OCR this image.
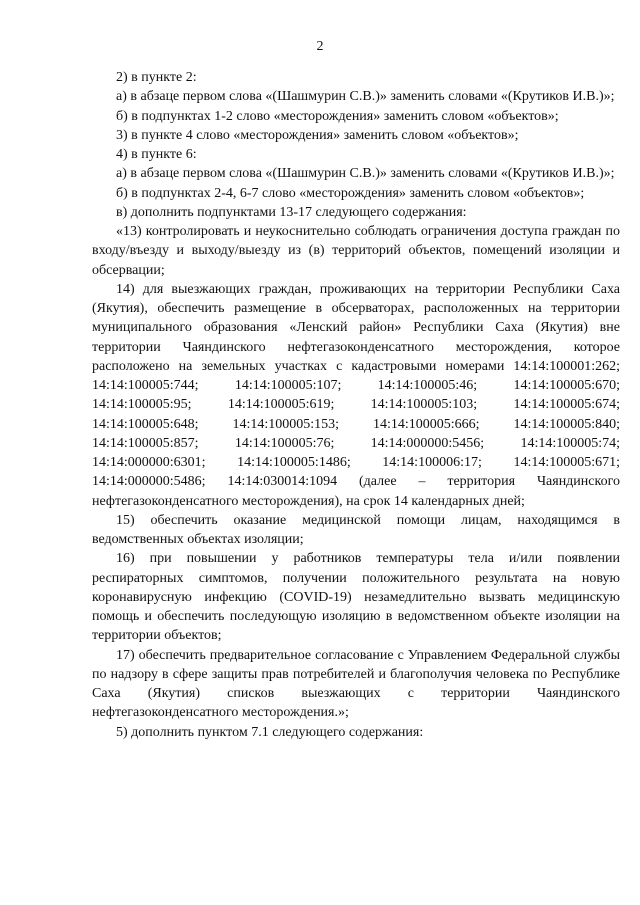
2

2) в пункте 2:

а) в абзаце первом слова «(Шашмурин С.В.)» заменить словами «(Крутиков И.В.)»;

б) в подпунктах 1-2 слово «месторождения» заменить словом «объектов»;

3) в пункте 4 слово «месторождения» заменить словом «объектов»;

4) в пункте 6:

а) в абзаце первом слова «(Шашмурин С.В.)» заменить словами «(Крутиков И.В.)»;

б) в подпунктах 2-4, 6-7 слово «месторождения» заменить словом «объектов»;

в) дополнить подпунктами 13-17 следующего содержания:

«13) контролировать и неукоснительно соблюдать ограничения доступа граждан по входу/въезду и выходу/выезду из (в) территорий объектов, помещений изоляции и обсервации;

14) для выезжающих граждан, проживающих на территории Республики Саха (Якутия), обеспечить размещение в обсерваторах, расположенных на территории муниципального образования «Ленский район» Республики Саха (Якутия) вне территории Чаяндинского нефтегазоконденсатного месторождения, которое расположено на земельных участках с кадастровыми номерами 14:14:100001:262; 14:14:100005:744; 14:14:100005:107; 14:14:100005:46; 14:14:100005:670; 14:14:100005:95; 14:14:100005:619; 14:14:100005:103; 14:14:100005:674; 14:14:100005:648; 14:14:100005:153; 14:14:100005:666; 14:14:100005:840; 14:14:100005:857; 14:14:100005:76; 14:14:000000:5456; 14:14:100005:74; 14:14:000000:6301; 14:14:100005:1486; 14:14:100006:17; 14:14:100005:671; 14:14:000000:5486; 14:14:030014:1094 (далее – территория Чаяндинского нефтегазоконденсатного месторождения), на срок 14 календарных дней;

15) обеспечить оказание медицинской помощи лицам, находящимся в ведомственных объектах изоляции;

16) при повышении у работников температуры тела и/или появлении респираторных симптомов, получении положительного результата на новую коронавирусную инфекцию (COVID-19) незамедлительно вызвать медицинскую помощь и обеспечить последующую изоляцию в ведомственном объекте изоляции на территории объектов;

17) обеспечить предварительное согласование с Управлением Федеральной службы по надзору в сфере защиты прав потребителей и благополучия человека по Республике Саха (Якутия) списков выезжающих с территории Чаяндинского нефтегазоконденсатного месторождения.»;

5) дополнить пунктом 7.1 следующего содержания:
